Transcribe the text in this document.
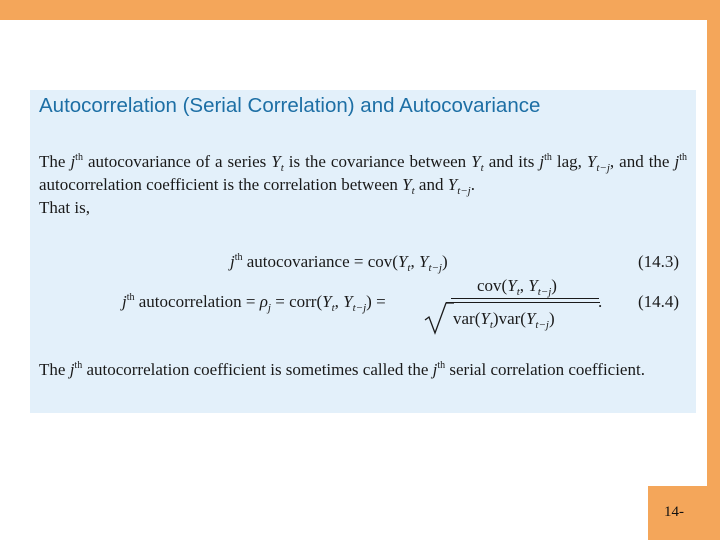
Autocorrelation (Serial Correlation) and Autocovariance
The $j^{th}$ autocovariance of a series $Y_t$ is the covariance between $Y_t$ and its $j^{th}$ lag, $Y_{t-j}$, and the $j^{th}$ autocorrelation coefficient is the correlation between $Y_t$ and $Y_{t-j}$.
That is,
$j^{th}$ autocovariance = $cov(Y_t$, $Y_{t-j}$)	(14.3)
$j^{th}$ autocorrelation = $\rho_j$ = $corr(Y_t$, $Y_{t-j}$) =
$cov(Y_t$, $Y_{t-j}$)
$var(Y_t)var(Y_{t-j})$
. (14.4)
The $j^{th}$ autocorrelation coefficient is sometimes called the $j^{th}$ serial correlation coefficient.
14-
